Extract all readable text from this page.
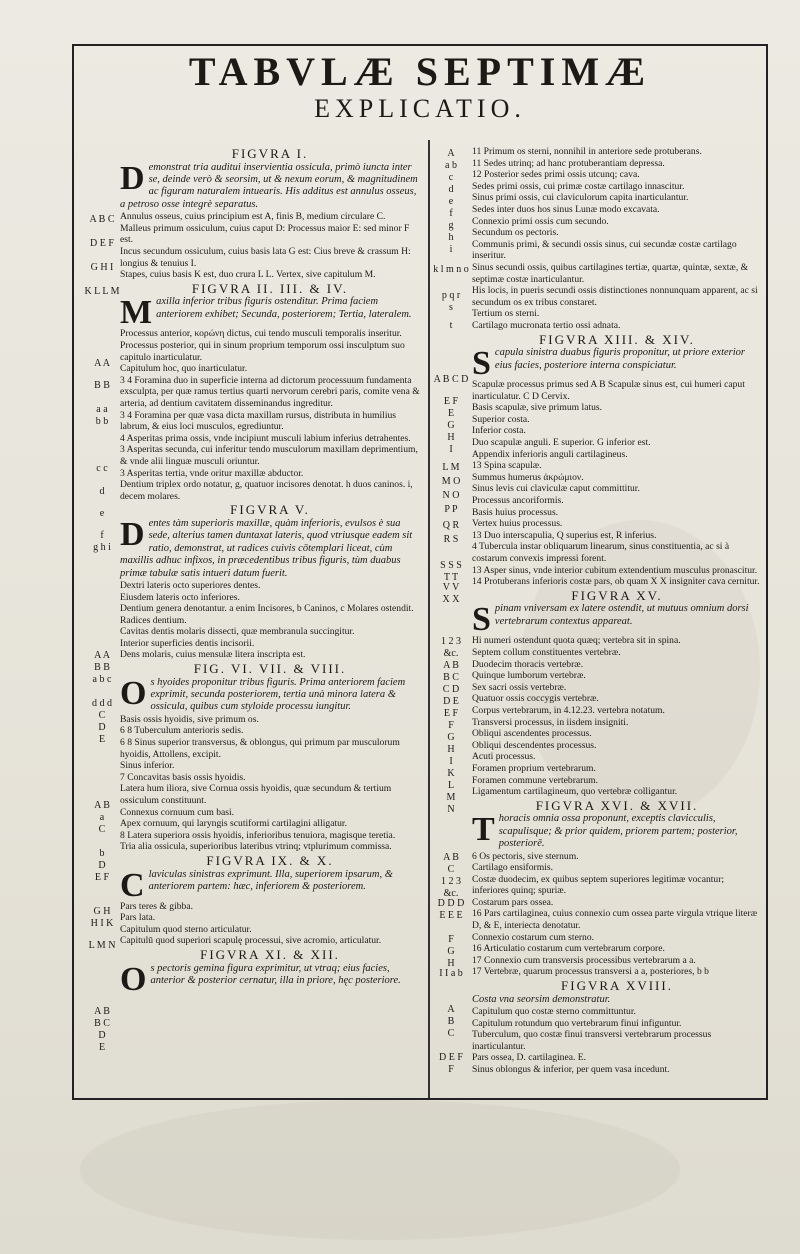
TABVLÆ SEPTIMÆ
EXPLICATIO.
FIGVRA I.
Demonstrat tria auditui inservientia ossicula, primò iuncta inter se, deinde verò & seorsim, ut & nexum eorum, & magnitudinem ac figuram naturalem intuearis. His additus est annulus osseus, a petroso osse integrè separatus.
Annulus osseus, cuius principium est A, finis B, medium circulare C.
Malleus primum ossiculum, cuius caput D: Processus maior E: sed minor F est.
Incus secundum ossiculum, cuius basis lata G est: Cius breve & crassum H: longius & tenuius I.
Stapes, cuius basis K est, duo crura L L. Vertex, sive capitulum M.
FIGVRA II. III. & IV.
Maxilla inferior tribus figuris ostenditur. Prima faciem anteriorem exhibet; Secunda, posteriorem; Tertia, lateralem.
Processus anterior, κορώνη dictus, cui tendo musculi temporalis inseritur.
Processus posterior, qui in sinum proprium temporum ossi insculptum suo capitulo inarticulatur.
Capitulum hoc, quo inarticulatur.
3 4 Foramina duo in superficie interna ad dictorum processuum fundamenta exsculpta, per quæ ramus tertius quarti nervorum cerebri paris, comite vena & arteria, ad dentium cavitatem disseminandus ingreditur.
3 4 Foramina per quæ vasa dicta maxillam rursus, distributa in humilius labrum, & eius loci musculos, egrediuntur.
4 Asperitas prima ossis, vnde incipiunt musculi labium inferius detrahentes.
3 Asperitas secunda, cui inferitur tendo musculorum maxillam deprimentium, & vnde alii linguæ musculi oriuntur.
3 Asperitas tertia, vnde oritur maxillæ abductor.
Dentium triplex ordo notatur, g, quatuor incisores denotat. h duos caninos. i, decem molares.
FIGVRA V.
Dentes tàm superioris maxillæ, quàm inferioris, evulsos è sua sede, alterius tamen duntaxat lateris, quod vtriusque eadem sit ratio, demonstrat, ut radices cuivis cōtemplari liceat, cùm maxillis adhuc infixos, in præcedentibus tribus figuris, tùm duabus primæ tabulæ satis intueri datum fuerit.
Dextri lateris octo superiores dentes.
Eiusdem lateris octo inferiores.
Dentium genera denotantur. a enim Incisores, b Caninos, c Molares ostendit.
Radices dentium.
Cavitas dentis molaris dissecti, quæ membranula succingitur.
Interior superficies dentis incisorii.
Dens molaris, cuius mensulæ litera inscripta est.
FIG. VI. VII. & VIII.
Os hyoides proponitur tribus figuris. Prima anteriorem faciem exprimit, secunda posteriorem, tertia unà minora latera & ossicula, quibus cum styloide processu iungitur.
Basis ossis hyoidis, sive primum os.
6 8 Tuberculum anterioris sedis.
6 8 Sinus superior transversus, & oblongus, qui primum par musculorum hyoidis, Attollens, excipit.
Sinus inferior.
7 Concavitas basis ossis hyoidis.
Latera hum iliora, sive Cornua ossis hyoidis, quæ secundum & tertium ossiculum constituunt.
Connexus cornuum cum basi.
Apex cornuum, qui laryngis scutiformi cartilagini alligatur.
8 Latera superiora ossis hyoidis, inferioribus tenuiora, magisque teretia.
Tria alia ossicula, superioribus lateribus vtrinq; vtplurimum commissa.
FIGVRA IX. & X.
Claviculas sinistras exprimunt. Illa, superiorem ipsarum, & anteriorem partem: hæc, inferiorem & posteriorem.
Pars teres & gibba.
Pars lata.
Capitulum quod sterno articulatur.
Capitulū quod superiori scapulę processui, sive acromio, articulatur.
FIGVRA XI. & XII.
Os pectoris gemina figura exprimitur, ut vtraq; eius facies, anterior & posterior cernatur, illa in priore, hęc posteriore.
11 Primum os sterni, nonnihil in anteriore sede protuberans.
11 Sedes utrinq; ad hanc protuberantiam depressa.
12 Posterior sedes primi ossis utcunq; cava.
Sedes primi ossis, cui primæ costæ cartilago innascitur.
Sinus primi ossis, cui claviculorum capita inarticulantur.
Sedes inter duos hos sinus Lunæ modo excavata.
Connexio primi ossis cum secundo.
Secundum os pectoris.
Communis primi, & secundi ossis sinus, cui secundæ costæ cartilago inseritur.
Sinus secundi ossis, quibus cartilagines tertiæ, quartæ, quintæ, sextæ, & septimæ costæ inarticulantur.
His locis, in pueris secundi ossis distinctiones nonnunquam apparent, ac si secundum os ex tribus constaret.
Tertium os sterni.
Cartilago mucronata tertio ossi adnata.
FIGVRA XIII. & XIV.
Scapula sinistra duabus figuris proponitur, ut priore exterior eius facies, posteriore interna conspiciatur.
Scapulæ processus primus sed A B Scapulæ sinus est, cui humeri caput inarticulatur. C D Cervix.
Basis scapulæ, sive primum latus.
Superior costa.
Inferior costa.
Duo scapulæ anguli. E superior. G inferior est.
Appendix inferioris anguli cartilagineus.
13 Spina scapulæ.
Summus humerus ἀκρώμιον.
Sinus levis cui claviculæ caput committitur.
Processus ancoriformis.
Basis huius processus.
Vertex huius processus.
13 Duo interscapulia, Q superius est, R inferius.
4 Tubercula instar obliquarum linearum, sinus constituentia, ac si à costarum convexis impressi forent.
13 Asper sinus, vnde interior cubitum extendentium musculus pronascitur.
14 Protuberans inferioris costæ pars, ob quam X X insigniter cava cernitur.
FIGVRA XV.
Spinam vniversam ex latere ostendit, ut mutuus omnium dorsi vertebrarum contextus appareat.
Hi numeri ostendunt quota quæq; vertebra sit in spina.
Septem collum constituentes vertebræ.
Duodecim thoracis vertebræ.
Quinque lumborum vertebræ.
Sex sacri ossis vertebræ.
Quatuor ossis coccygis vertebræ.
Corpus vertebrarum, in 4.12.23. vertebra notatum.
Transversi processus, in iisdem insigniti.
Obliqui ascendentes processus.
Obliqui descendentes processus.
Acuti processus.
Foramen proprium vertebrarum.
Foramen commune vertebrarum.
Ligamentum cartilagineum, quo vertebræ colligantur.
FIGVRA XVI. & XVII.
Thoracis omnia ossa proponunt, exceptis clavicculis, scapulisque; & prior quidem, priorem partem; posterior, posteriorē.
6 Os pectoris, sive sternum.
Cartilago ensiformis.
Costæ duodecim, ex quibus septem superiores legitimæ vocantur; inferiores quinq; spuriæ.
Costarum pars ossea.
16 Pars cartilaginea, cuius connexio cum ossea parte virgula vtrique literæ D, & E, interiecta denotatur.
Connexio costarum cum sterno.
16 Articulatio costarum cum vertebrarum corpore.
17 Connexio cum transversis processibus vertebrarum a a.
17 Vertebræ, quarum processus transversi a a, posteriores, b b
FIGVRA XVIII.
Costa vna seorsim demonstratur.
Capitulum quo costæ sterno committuntur.
Capitulum rotundum quo vertebrarum finui infiguntur.
Tuberculum, quo costæ finui transversi vertebrarum processus inarticulantur.
Pars ossea, D. cartilaginea. E.
Sinus oblongus & inferior, per quem vasa incedunt.
A B C
D E F
G H I
K L L M
A A
B B
a a
b b
c c
d
e
f
g h i
A A
B B
a b c
d d d
C
D
E
A B
a
C
b
D
E F
G H
H I K
L M N
A B
B C
D
E
A
a b
c
d
e
f
g
h
i
k l m n o
p q r
s
t
A B C D
E F
E
G
H
I
L M
M O
N O
P P
Q R
R S
S S S
T T
V V
X X
1 2 3
&c.
A B
B C
C D
D E
E F
F
G
H
I
K
L
M
N
A B
C
1 2 3
&c.
D D D
E E E
F
G
H
I I a b
A
B
C
D E F
F
